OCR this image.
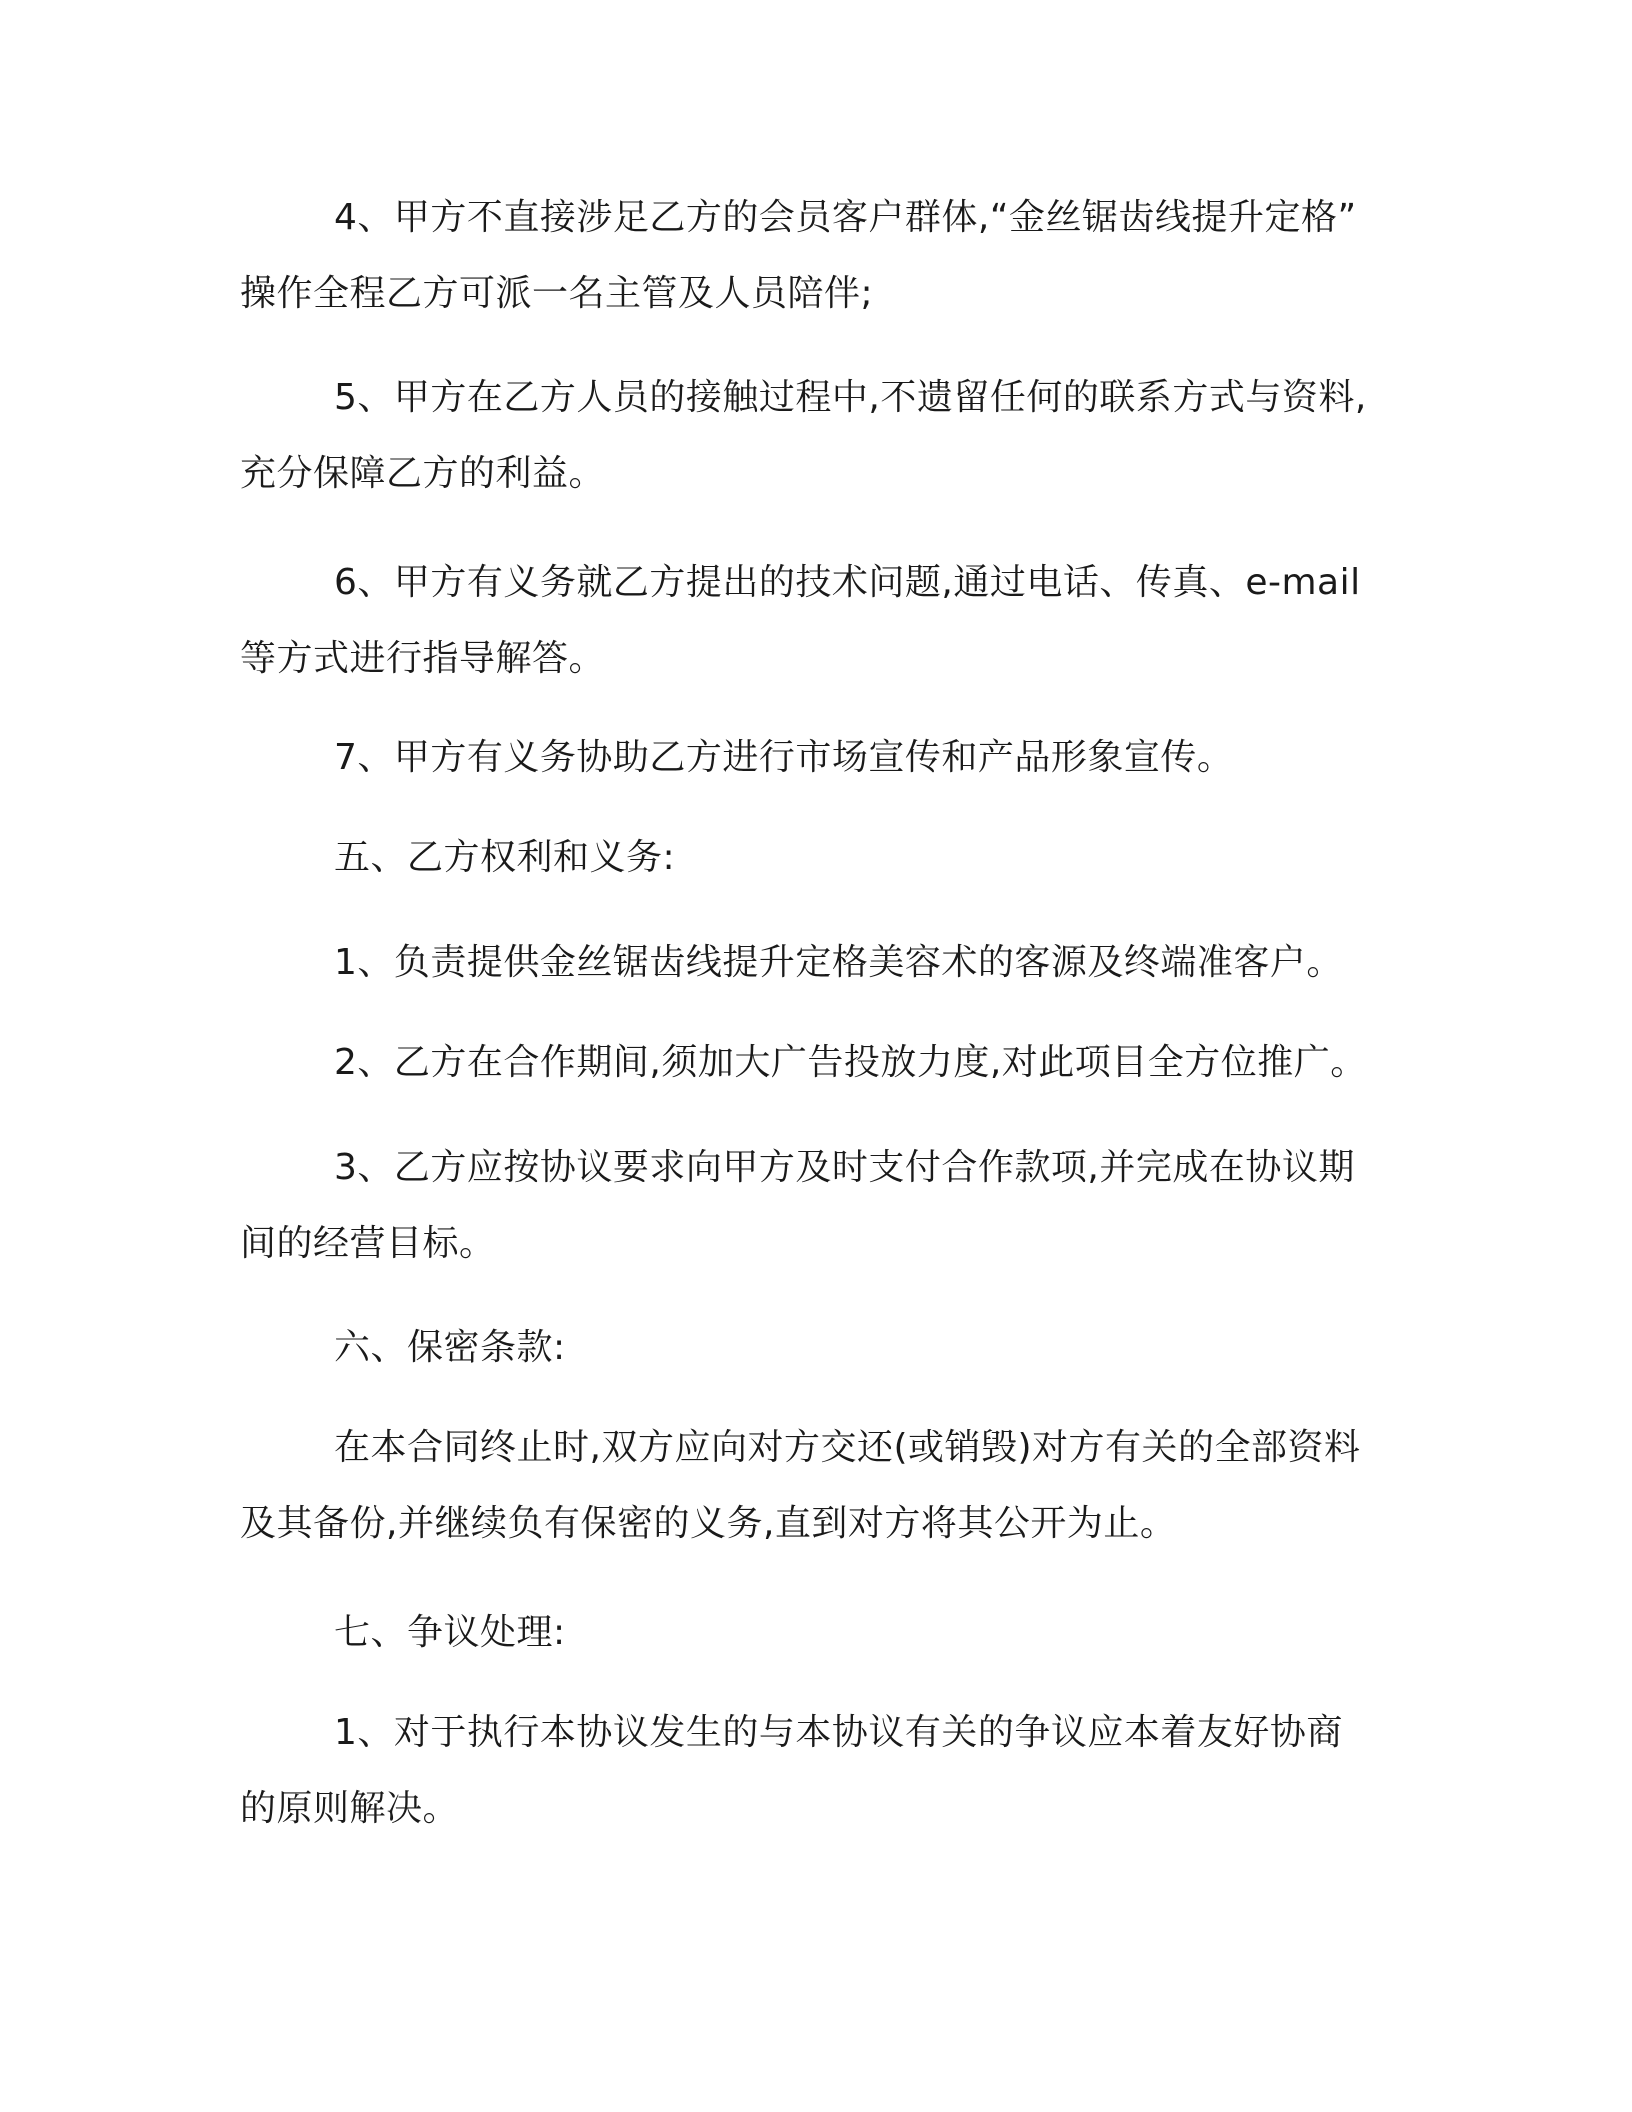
4、甲方不直接涉足乙方的会员客户群体,“金丝锯齿线提升定格”
操作全程乙方可派一名主管及人员陪伴;
5、甲方在乙方人员的接触过程中,不遗留任何的联系方式与资料,
充分保障乙方的利益。
6、甲方有义务就乙方提出的技术问题,通过电话、传真、e-mail
等方式进行指导解答。
7、甲方有义务协助乙方进行市场宣传和产品形象宣传。
五、乙方权利和义务:
1、负责提供金丝锯齿线提升定格美容术的客源及终端准客户。
2、乙方在合作期间,须加大广告投放力度,对此项目全方位推广。
3、乙方应按协议要求向甲方及时支付合作款项,并完成在协议期
间的经营目标。
六、保密条款:
在本合同终止时,双方应向对方交还(或销毁)对方有关的全部资料
及其备份,并继续负有保密的义务,直到对方将其公开为止。
七、争议处理:
1、对于执行本协议发生的与本协议有关的争议应本着友好协商
的原则解决。
